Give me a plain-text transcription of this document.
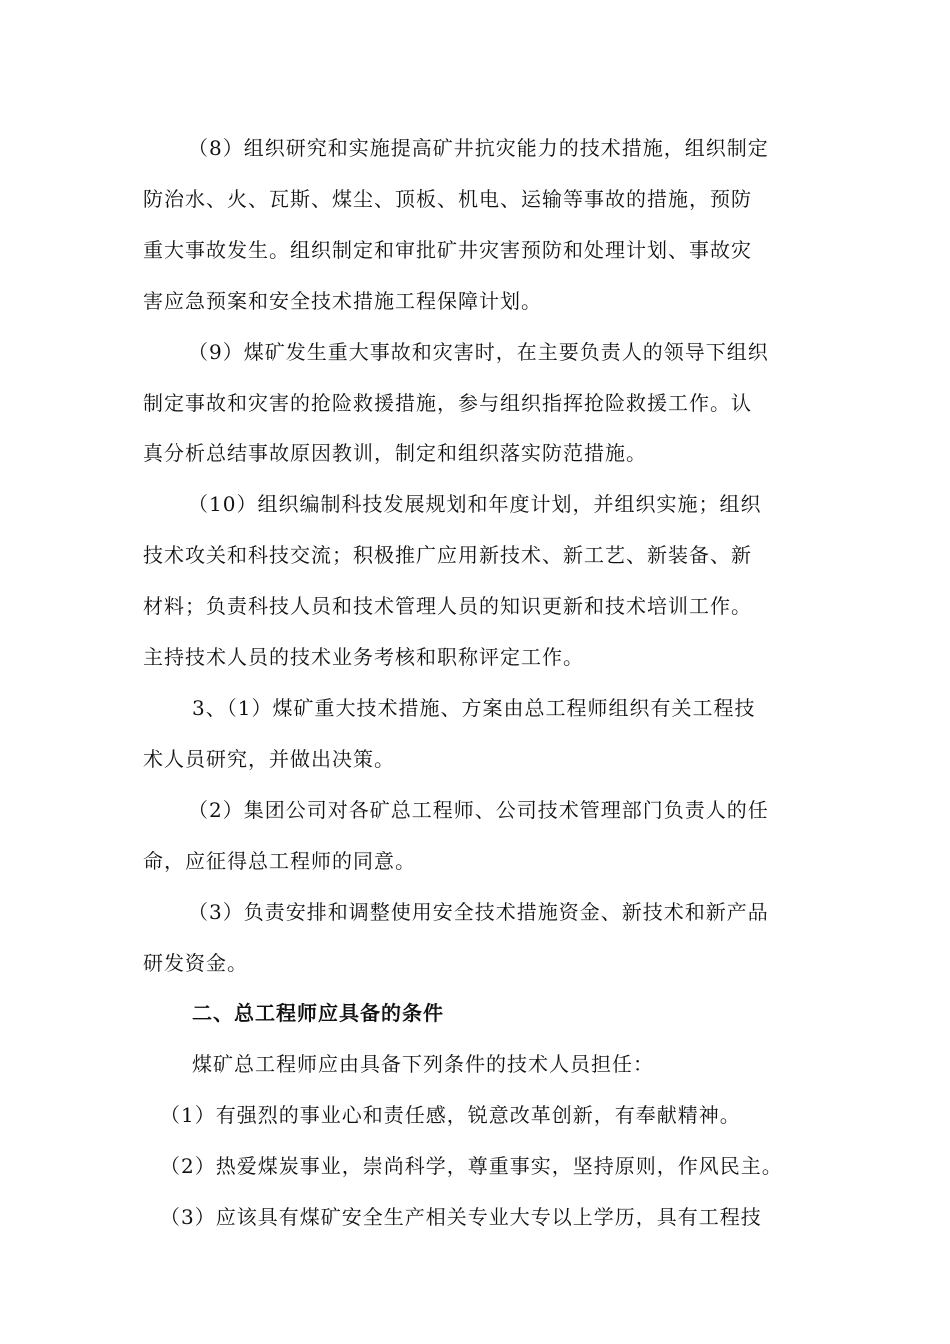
（8）组织研究和实施提高矿井抗灾能力的技术措施，组织制定
防治水、火、瓦斯、煤尘、顶板、机电、运输等事故的措施，预防
重大事故发生。组织制定和审批矿井灾害预防和处理计划、事故灾
害应急预案和安全技术措施工程保障计划。
（9）煤矿发生重大事故和灾害时，在主要负责人的领导下组织
制定事故和灾害的抢险救援措施，参与组织指挥抢险救援工作。认
真分析总结事故原因教训，制定和组织落实防范措施。
（10）组织编制科技发展规划和年度计划，并组织实施；组织
技术攻关和科技交流；积极推广应用新技术、新工艺、新装备、新
材料；负责科技人员和技术管理人员的知识更新和技术培训工作。
主持技术人员的技术业务考核和职称评定工作。
3、（1）煤矿重大技术措施、方案由总工程师组织有关工程技
术人员研究，并做出决策。
（2）集团公司对各矿总工程师、公司技术管理部门负责人的任
命，应征得总工程师的同意。
（3）负责安排和调整使用安全技术措施资金、新技术和新产品
研发资金。
二、总工程师应具备的条件
煤矿总工程师应由具备下列条件的技术人员担任：
（1）有强烈的事业心和责任感，锐意改革创新，有奉献精神。
（2）热爱煤炭事业，崇尚科学，尊重事实，坚持原则，作风民主。
（3）应该具有煤矿安全生产相关专业大专以上学历，具有工程技
